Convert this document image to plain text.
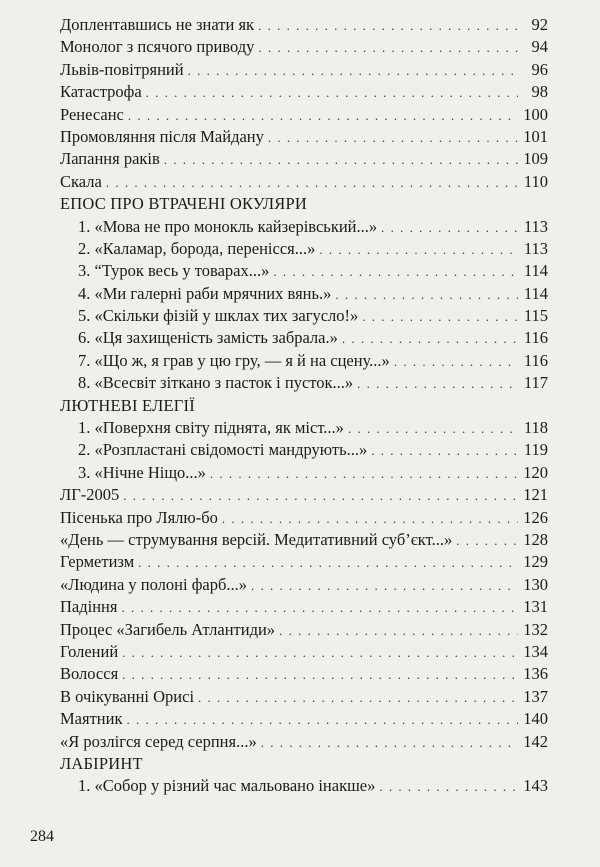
Доплентавшись не знати як . . .	92
Монолог з псячого приводу . . .	94
Львів-повітряний . . .	96
Катастрофа . . .	98
Ренесанс . . .	100
Промовляння після Майдану . . .	101
Лапання раків . . .	109
Скала . . .	110
ЕПОС ПРО ВТРАЧЕНІ ОКУЛЯРИ
1. «Мова не про монокль кайзерівський...» . . .	113
2. «Каламар, борода, перенісся...» . . .	113
3. “Турок весь у товарах...» . . .	114
4. «Ми галерні раби мрячних вянь.» . . .	114
5. «Скільки фізій у шклах тих загусло!» . . .	115
6. «Ця захищеність замість забрала.» . . .	116
7. «Що ж, я грав у цю гру, — я й на сцену...» . . .	116
8. «Всесвіт зіткано з пасток і пусток...» . . .	117
ЛЮТНЕВІ ЕЛЕГІЇ
1. «Поверхня світу піднята, як міст...» . . .	118
2. «Розпластані свідомості мандрують...» . . .	119
3. «Нічне Ніщо...» . . .	120
ЛГ-2005 . . .	121
Пісенька про Лялю-бо . . .	126
«День — струмування версій. Медитативний суб’єкт...» . . .	128
Герметизм . . .	129
«Людина у полоні фарб...» . . .	130
Падіння . . .	131
Процес «Загибель Атлантиди» . . .	132
Голений . . .	134
Волосся . . .	136
В очікуванні Орисі . . .	137
Маятник . . .	140
«Я розлігся серед серпня...» . . .	142
ЛАБІРИНТ
1. «Собор у різний час мальовано інакше» . . .	143
284
